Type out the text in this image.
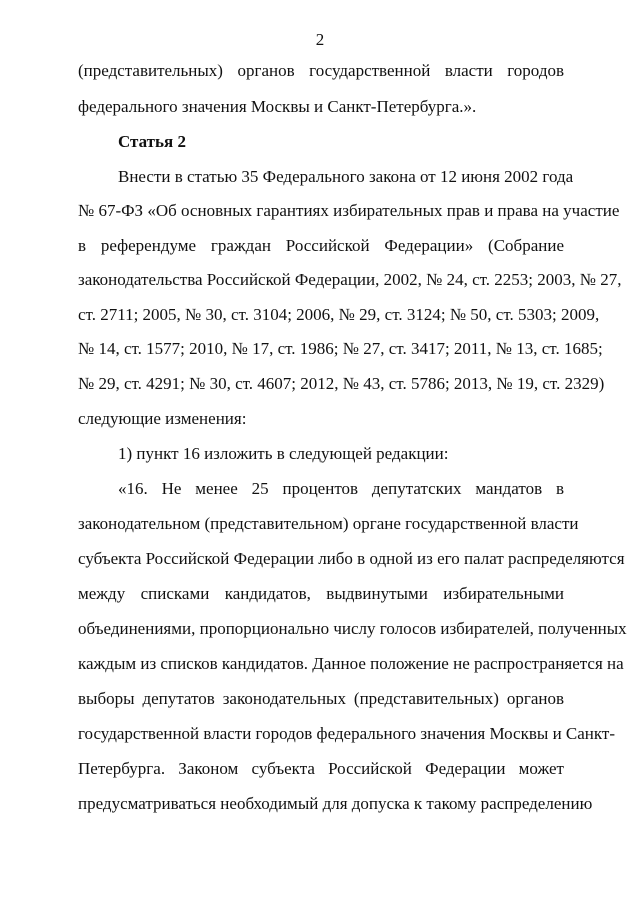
2
(представительных) органов государственной власти городов
федерального значения Москвы и Санкт-Петербурга.».
Статья 2
Внести в статью 35 Федерального закона от 12 июня 2002 года
№ 67-ФЗ «Об основных гарантиях избирательных прав и права на участие
в референдуме граждан Российской Федерации» (Собрание
законодательства Российской Федерации, 2002, № 24, ст. 2253; 2003, № 27,
ст. 2711; 2005, № 30, ст. 3104; 2006, № 29, ст. 3124; № 50, ст. 5303; 2009,
№ 14, ст. 1577; 2010, № 17, ст. 1986; № 27, ст. 3417; 2011, № 13, ст. 1685;
№ 29, ст. 4291; № 30, ст. 4607; 2012, № 43, ст. 5786; 2013, № 19, ст. 2329)
следующие изменения:
1) пункт 16 изложить в следующей редакции:
«16. Не менее 25 процентов депутатских мандатов в
законодательном (представительном) органе государственной власти
субъекта Российской Федерации либо в одной из его палат распределяются
между списками кандидатов, выдвинутыми избирательными
объединениями, пропорционально числу голосов избирателей, полученных
каждым из списков кандидатов. Данное положение не распространяется на
выборы депутатов законодательных (представительных) органов
государственной власти городов федерального значения Москвы и Санкт-
Петербурга. Законом субъекта Российской Федерации может
предусматриваться необходимый для допуска к такому распределению
